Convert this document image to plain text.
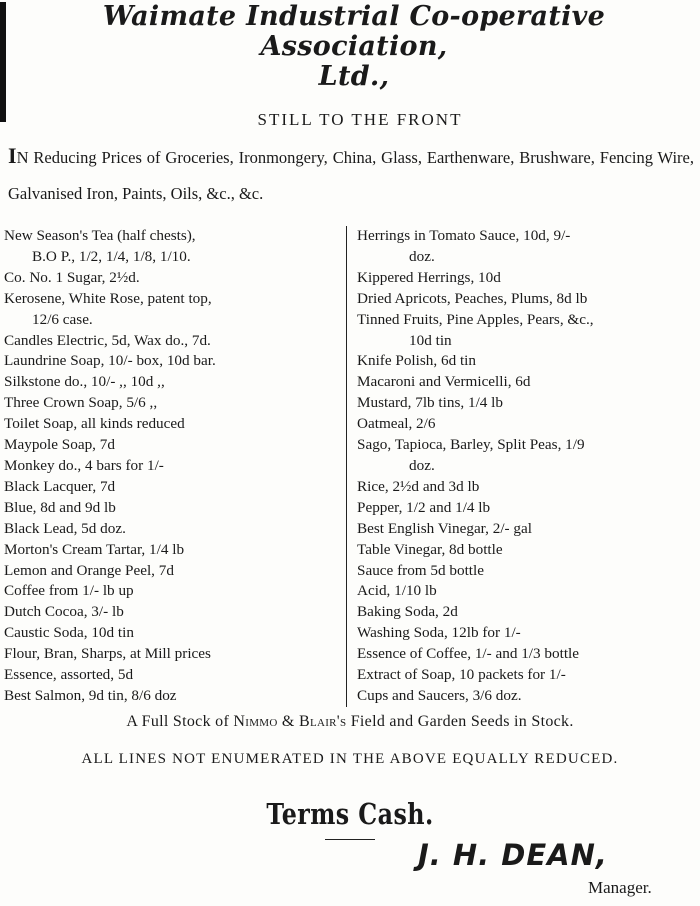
Waimate Industrial Co-operative Association,
Ltd.,
STILL TO THE FRONT
IN Reducing Prices of Groceries, Ironmongery, China, Glass, Earthenware, Brushware, Fencing Wire, Galvanised Iron, Paints, Oils, &c., &c.
New Season's Tea (half chests),
B.O P., 1/2, 1/4, 1/8, 1/10.
Co. No. 1 Sugar, 2½d.
Kerosene, White Rose, patent top,
12/6 case.
Candles Electric, 5d, Wax do., 7d.
Laundrine Soap, 10/- box, 10d bar.
Silkstone do., 10/- ,, 10d ,,
Three Crown Soap, 5/6 ,,
Toilet Soap, all kinds reduced
Maypole Soap, 7d
Monkey do., 4 bars for 1/-
Black Lacquer, 7d
Blue, 8d and 9d lb
Black Lead, 5d doz.
Morton's Cream Tartar, 1/4 lb
Lemon and Orange Peel, 7d
Coffee from 1/- lb up
Dutch Cocoa, 3/- lb
Caustic Soda, 10d tin
Flour, Bran, Sharps, at Mill prices
Essence, assorted, 5d
Best Salmon, 9d tin, 8/6 doz
Herrings in Tomato Sauce, 10d, 9/-
doz.
Kippered Herrings, 10d
Dried Apricots, Peaches, Plums, 8d lb
Tinned Fruits, Pine Apples, Pears, &c.,
10d tin
Knife Polish, 6d tin
Macaroni and Vermicelli, 6d
Mustard, 7lb tins, 1/4 lb
Oatmeal, 2/6
Sago, Tapioca, Barley, Split Peas, 1/9
doz.
Rice, 2½d and 3d lb
Pepper, 1/2 and 1/4 lb
Best English Vinegar, 2/- gal
Table Vinegar, 8d bottle
Sauce from 5d bottle
Acid, 1/10 lb
Baking Soda, 2d
Washing Soda, 12lb for 1/-
Essence of Coffee, 1/- and 1/3 bottle
Extract of Soap, 10 packets for 1/-
Cups and Saucers, 3/6 doz.
A Full Stock of Nimmo & Blair's Field and Garden Seeds in Stock.
ALL LINES NOT ENUMERATED IN THE ABOVE EQUALLY REDUCED.
Terms Cash.
J. H. DEAN,
Manager.
